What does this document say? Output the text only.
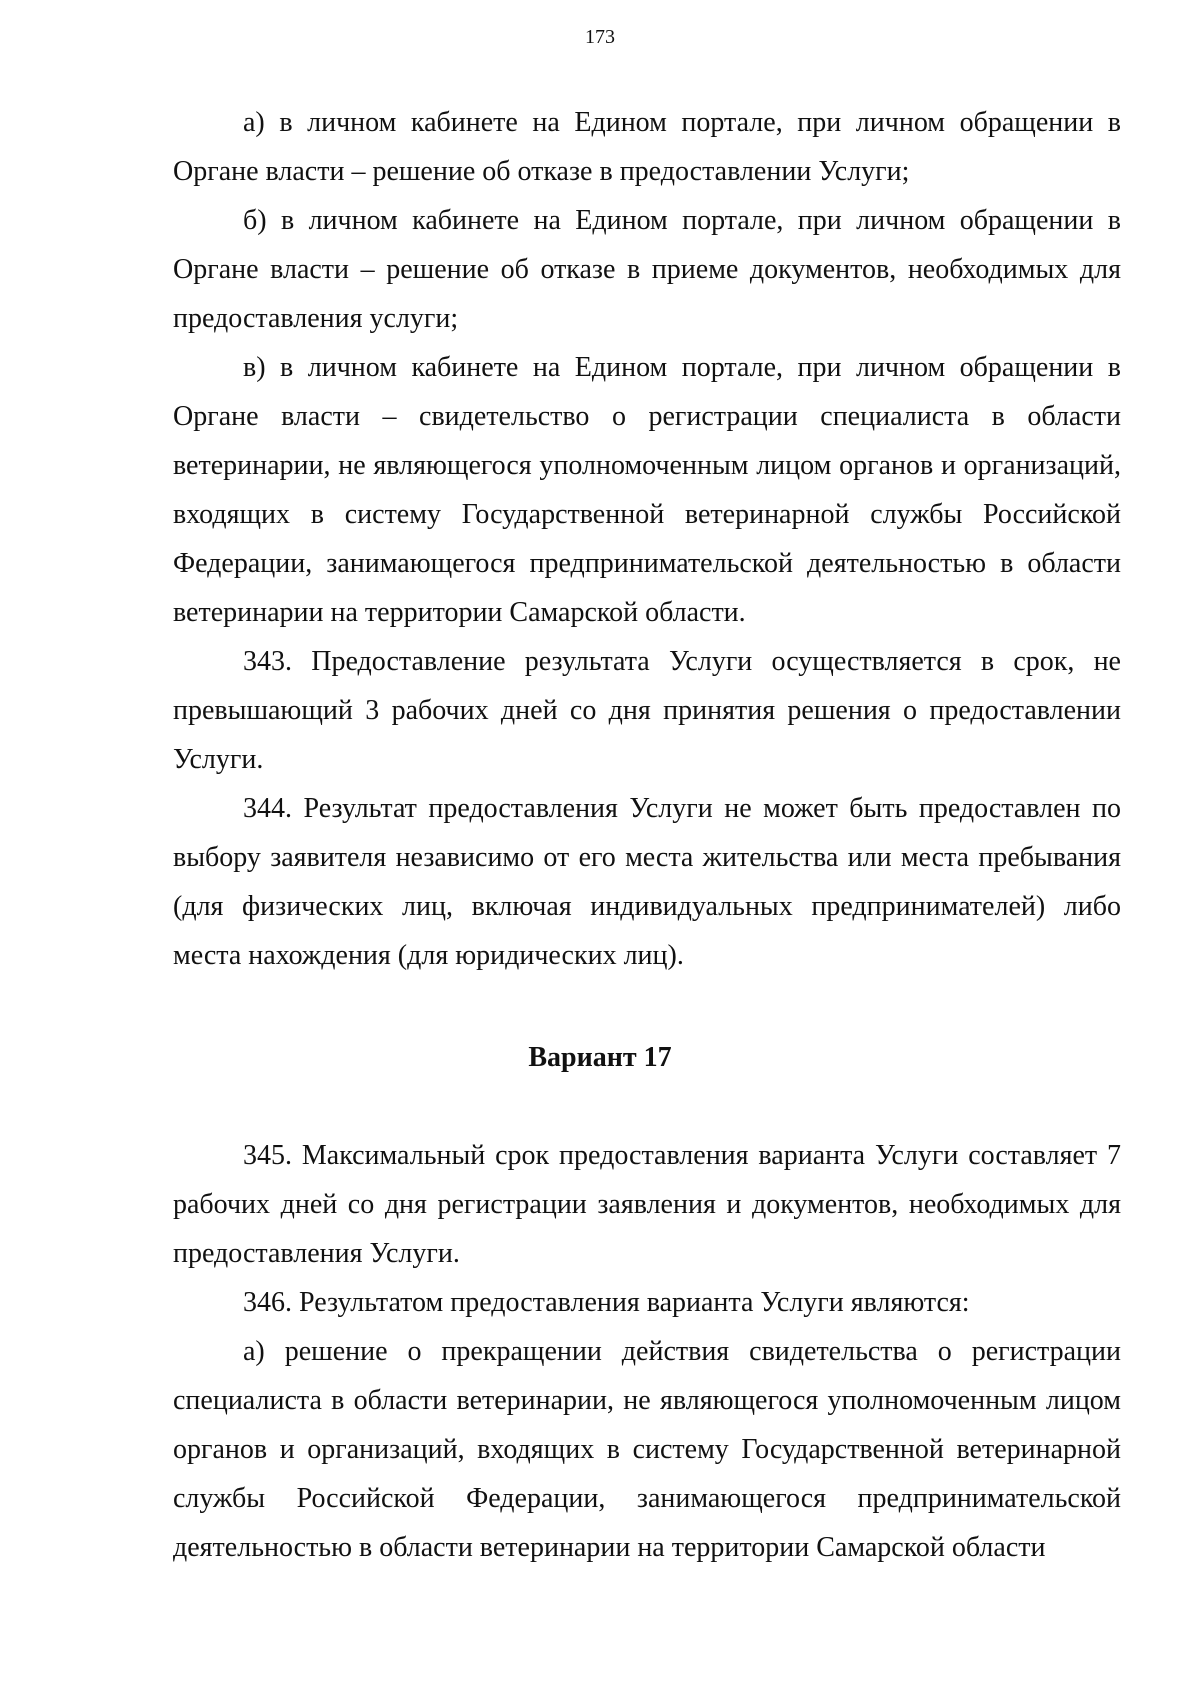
173

а) в личном кабинете на Едином портале, при личном обращении в Органе власти – решение об отказе в предоставлении Услуги;

б) в личном кабинете на Едином портале, при личном обращении в Органе власти – решение об отказе в приеме документов, необходимых для предоставления услуги;

в) в личном кабинете на Едином портале, при личном обращении в Органе власти – свидетельство о регистрации специалиста в области ветеринарии, не являющегося уполномоченным лицом органов и организаций, входящих в систему Государственной ветеринарной службы Российской Федерации, занимающегося предпринимательской деятельностью в области ветеринарии на территории Самарской области.

343. Предоставление результата Услуги осуществляется в срок, не превышающий 3 рабочих дней со дня принятия решения о предоставлении Услуги.

344. Результат предоставления Услуги не может быть предоставлен по выбору заявителя независимо от его места жительства или места пребывания (для физических лиц, включая индивидуальных предпринимателей) либо места нахождения (для юридических лиц).

Вариант 17

345. Максимальный срок предоставления варианта Услуги составляет 7 рабочих дней со дня регистрации заявления и документов, необходимых для предоставления Услуги.

346. Результатом предоставления варианта Услуги являются:

а) решение о прекращении действия свидетельства о регистрации специалиста в области ветеринарии, не являющегося уполномоченным лицом органов и организаций, входящих в систему Государственной ветеринарной службы Российской Федерации, занимающегося предпринимательской деятельностью в области ветеринарии на территории Самарской области
